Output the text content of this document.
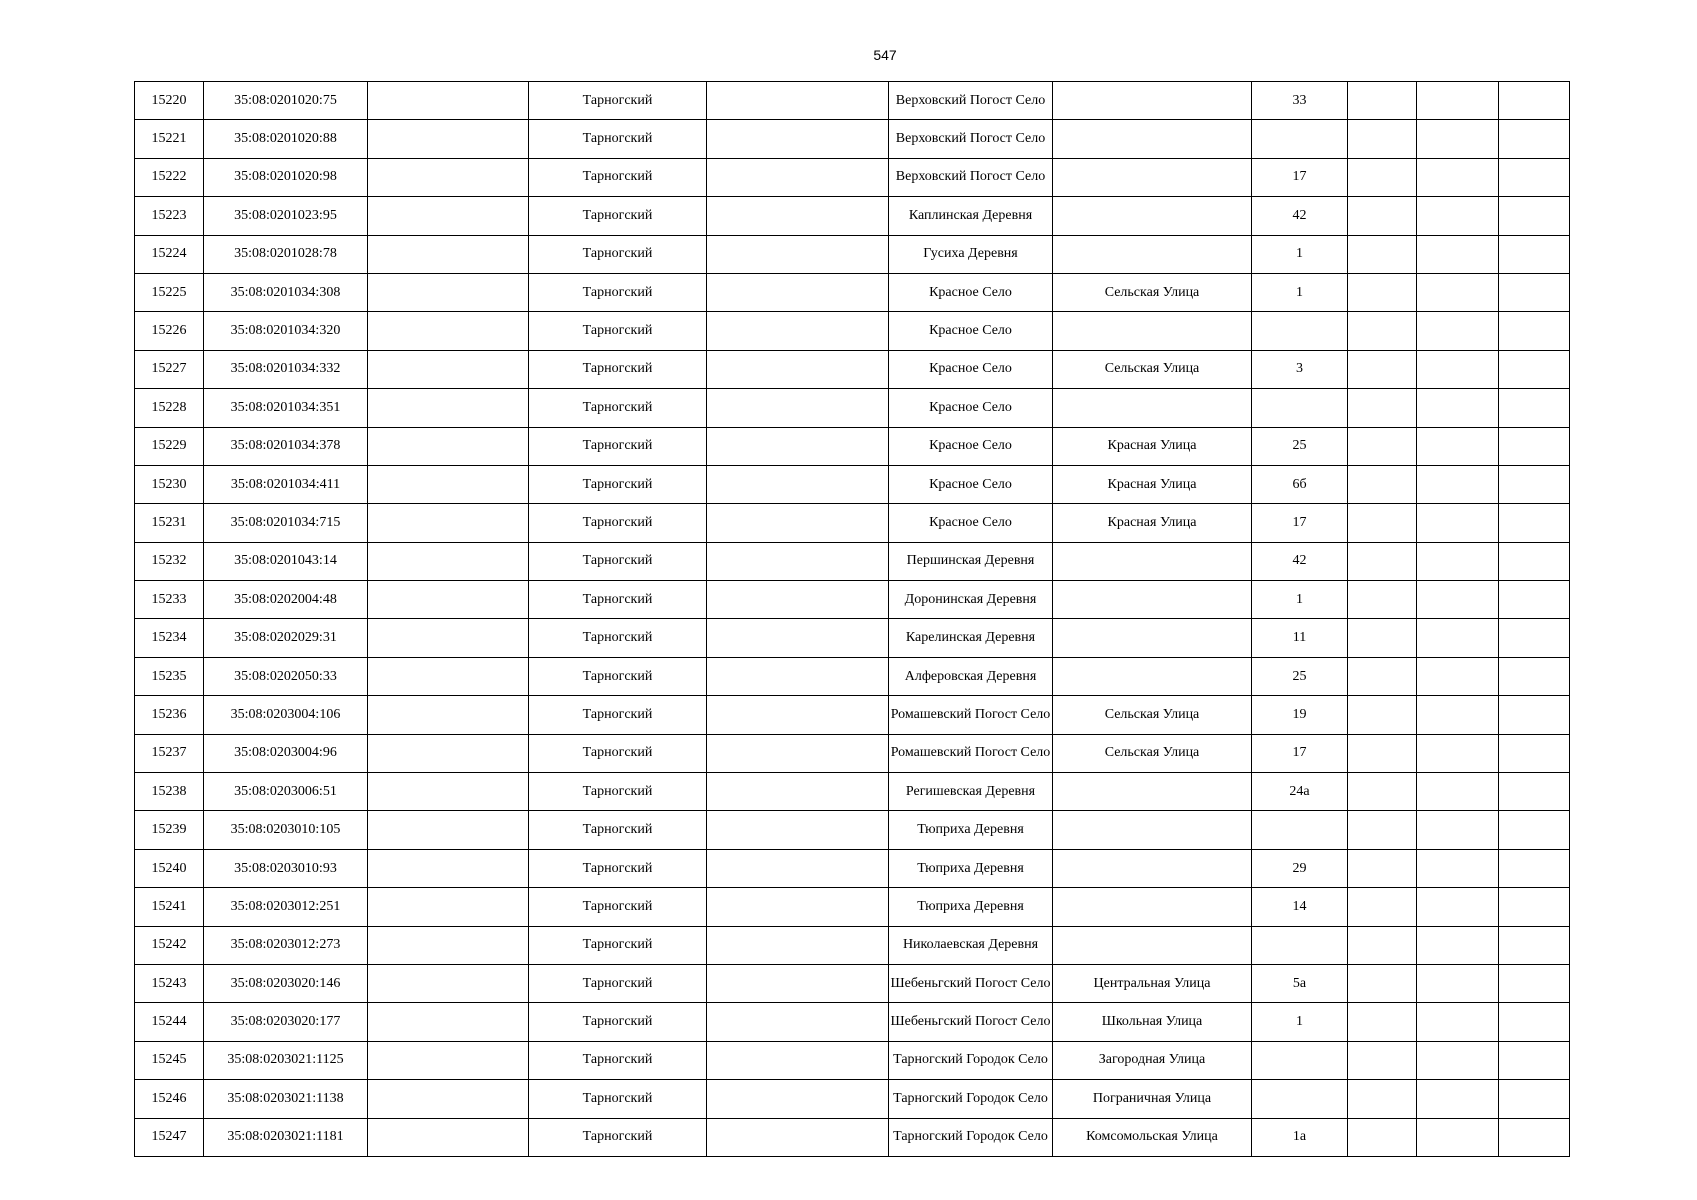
547
15220	35:08:0201020:75		Тарногский		Верховский Погост Село		33			
15221	35:08:0201020:88		Тарногский		Верховский Погост Село					
15222	35:08:0201020:98		Тарногский		Верховский Погост Село		17			
15223	35:08:0201023:95		Тарногский		Каплинская Деревня		42			
15224	35:08:0201028:78		Тарногский		Гусиха Деревня		1			
15225	35:08:0201034:308		Тарногский		Красное Село	Сельская Улица	1			
15226	35:08:0201034:320		Тарногский		Красное Село					
15227	35:08:0201034:332		Тарногский		Красное Село	Сельская Улица	3			
15228	35:08:0201034:351		Тарногский		Красное Село					
15229	35:08:0201034:378		Тарногский		Красное Село	Красная Улица	25			
15230	35:08:0201034:411		Тарногский		Красное Село	Красная Улица	6б			
15231	35:08:0201034:715		Тарногский		Красное Село	Красная Улица	17			
15232	35:08:0201043:14		Тарногский		Першинская Деревня		42			
15233	35:08:0202004:48		Тарногский		Доронинская Деревня		1			
15234	35:08:0202029:31		Тарногский		Карелинская Деревня		11			
15235	35:08:0202050:33		Тарногский		Алферовская Деревня		25			
15236	35:08:0203004:106		Тарногский		Ромашевский Погост Село	Сельская Улица	19			
15237	35:08:0203004:96		Тарногский		Ромашевский Погост Село	Сельская Улица	17			
15238	35:08:0203006:51		Тарногский		Регишевская Деревня		24а			
15239	35:08:0203010:105		Тарногский		Тюприха Деревня					
15240	35:08:0203010:93		Тарногский		Тюприха Деревня		29			
15241	35:08:0203012:251		Тарногский		Тюприха Деревня		14			
15242	35:08:0203012:273		Тарногский		Николаевская Деревня					
15243	35:08:0203020:146		Тарногский		Шебеньгский Погост Село	Центральная Улица	5а			
15244	35:08:0203020:177		Тарногский		Шебеньгский Погост Село	Школьная Улица	1			
15245	35:08:0203021:1125		Тарногский		Тарногский Городок Село	Загородная Улица				
15246	35:08:0203021:1138		Тарногский		Тарногский Городок Село	Пограничная Улица				
15247	35:08:0203021:1181		Тарногский		Тарногский Городок Село	Комсомольская Улица	1а			
